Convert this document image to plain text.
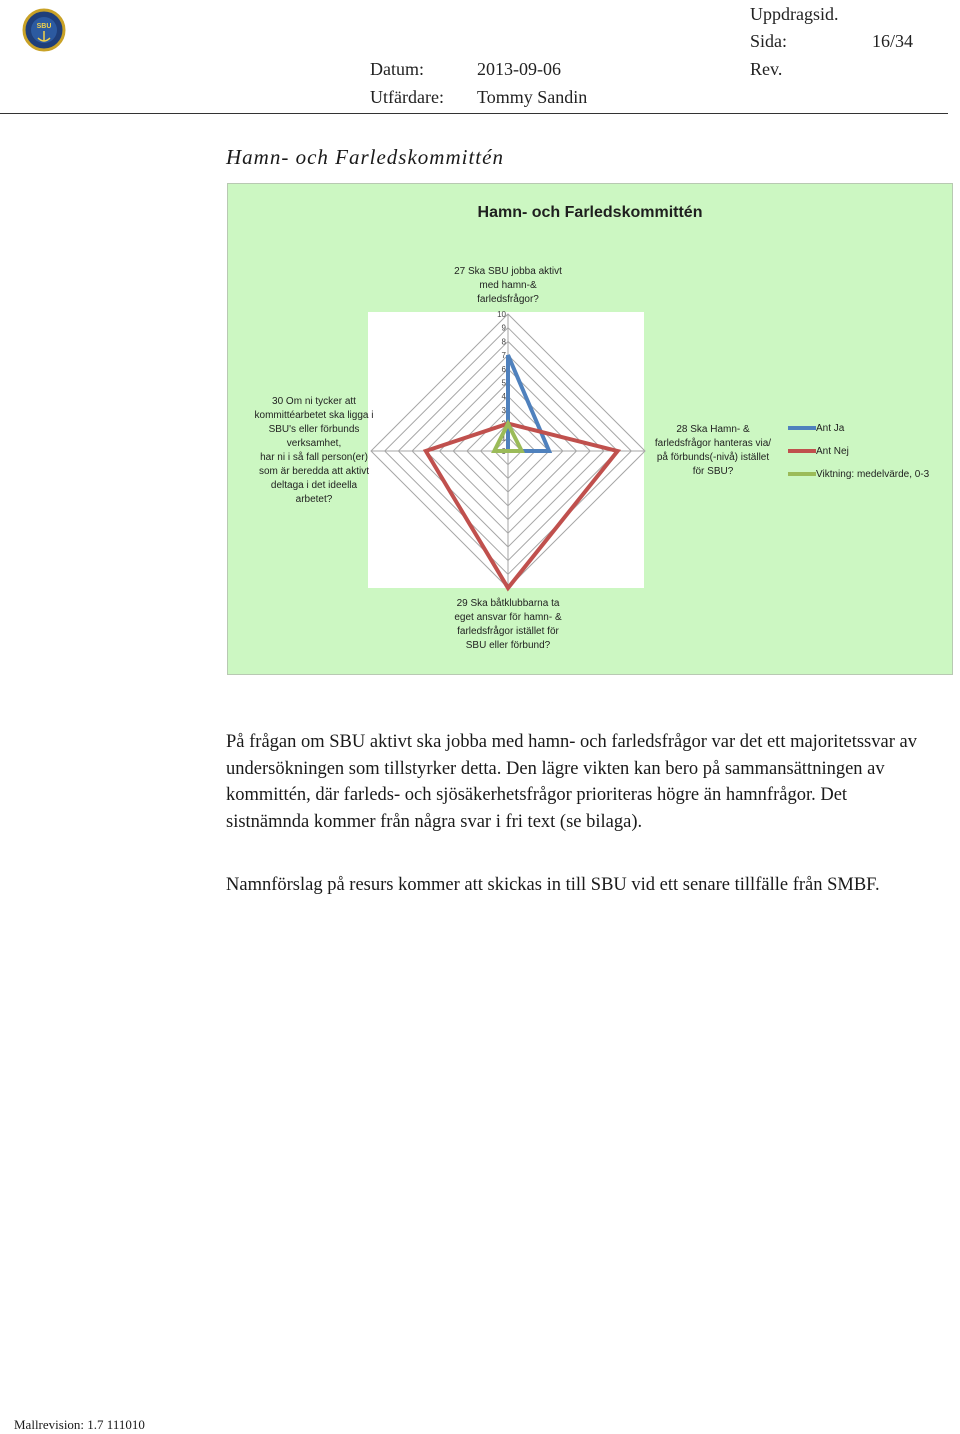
SBU
Uppdragsid.
Sida:	16/34
Datum:	2013-09-06	Rev.
Utfärdare: Tommy Sandin
Hamn- och Farledskommittén
Hamn- och Farledskommittén
0
1
2
3
4
5
6
7
8
9
10
27 Ska SBU jobba aktivt
med hamn-&
farledsfrågor?
28 Ska Hamn- &
farledsfrågor hanteras via/
på förbunds(-nivå) istället
för SBU?
29 Ska båtklubbarna ta
eget ansvar för hamn- &
farledsfrågor istället för
SBU eller förbund?
30 Om ni tycker att
kommittéarbetet ska ligga i
SBU's eller förbunds
verksamhet,
har ni i så fall person(er)
som är beredda att aktivt
deltaga i det ideella
arbetet?
Ant Ja
Ant Nej
Viktning: medelvärde, 0-3
På frågan om SBU aktivt ska jobba med hamn- och farledsfrågor var det ett majoritetssvar av undersökningen som tillstyrker detta. Den lägre vikten kan bero på sammansättningen av kommittén, där farleds- och sjösäkerhetsfrågor prioriteras högre än hamnfrågor. Det sistnämnda kommer från några svar i fri text (se bilaga).
Namnförslag på resurs kommer att skickas in till SBU vid ett senare tillfälle från SMBF.
Mallrevision: 1.7 111010
